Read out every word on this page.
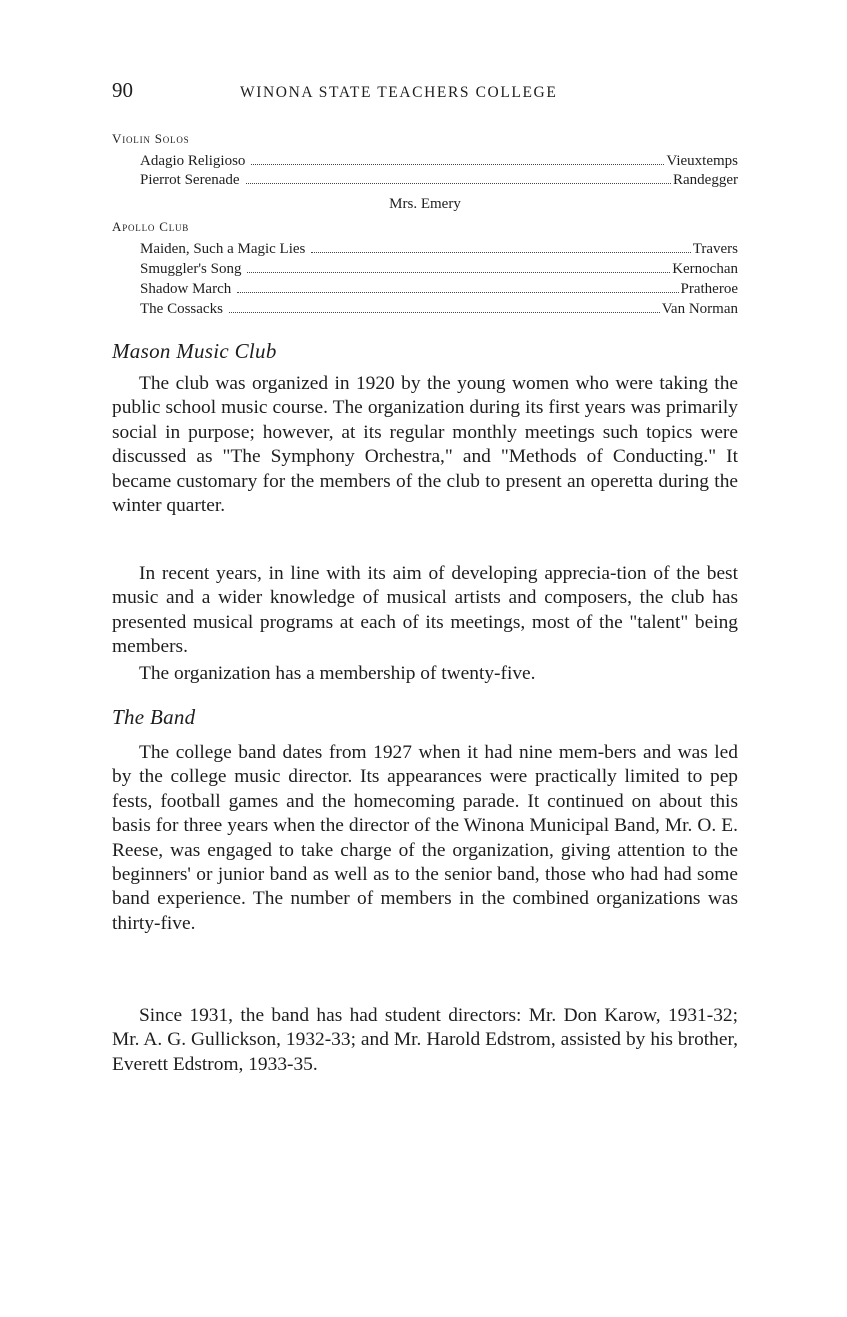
90	WINONA STATE TEACHERS COLLEGE
Violin Solos
Adagio Religioso	Vieuxtemps
Pierrot Serenade	Randegger
Mrs. Emery
Apollo Club
Maiden, Such a Magic Lies	Travers
Smuggler's Song	Kernochan
Shadow March	Pratheroe
The Cossacks	Van Norman
Mason Music Club

The club was organized in 1920 by the young women who were taking the public school music course. The organization during its first years was primarily social in purpose; however, at its regular monthly meetings such topics were discussed as "The Symphony Orchestra," and "Methods of Conducting." It became customary for the members of the club to present an operetta during the winter quarter.

In recent years, in line with its aim of developing apprecia-tion of the best music and a wider knowledge of musical artists and composers, the club has presented musical programs at each of its meetings, most of the "talent" being members.

The organization has a membership of twenty-five.

The Band

The college band dates from 1927 when it had nine mem-bers and was led by the college music director. Its appearances were practically limited to pep fests, football games and the homecoming parade. It continued on about this basis for three years when the director of the Winona Municipal Band, Mr. O. E. Reese, was engaged to take charge of the organization, giving attention to the beginners' or junior band as well as to the senior band, those who had had some band experience. The number of members in the combined organizations was thirty-five.

Since 1931, the band has had student directors: Mr. Don Karow, 1931-32; Mr. A. G. Gullickson, 1932-33; and Mr. Harold Edstrom, assisted by his brother, Everett Edstrom, 1933-35.
